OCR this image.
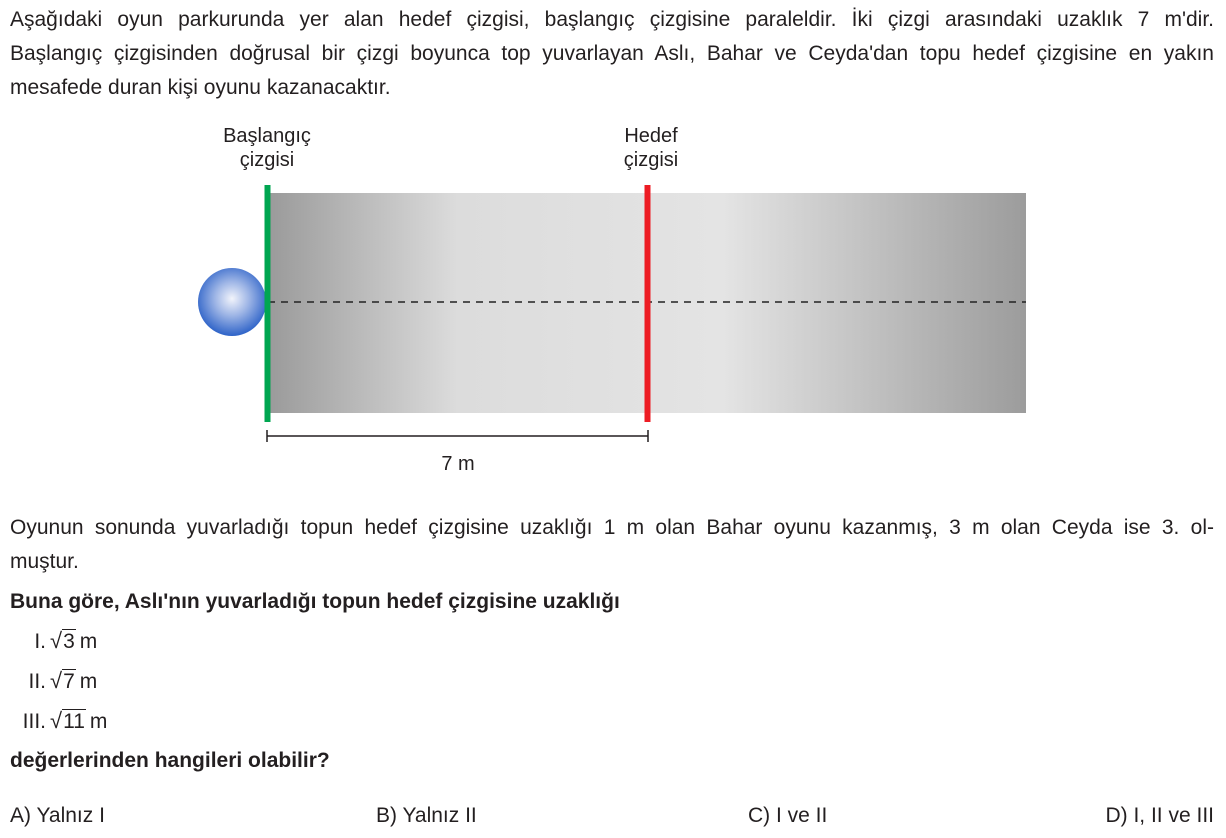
Aşağıdaki oyun parkurunda yer alan hedef çizgisi, başlangıç çizgisine paraleldir. İki çizgi arasındaki uzaklık 7 m'dir.
Başlangıç çizgisinden doğrusal bir çizgi boyunca top yuvarlayan Aslı, Bahar ve Ceyda'dan topu hedef çizgisine en yakın
mesafede duran kişi oyunu kazanacaktır.
Başlangıç
çizgisi
Hedef
çizgisi
7 m
Oyunun sonunda yuvarladığı topun hedef çizgisine uzaklığı 1 m olan Bahar oyunu kazanmış, 3 m olan Ceyda ise 3. ol-
muştur.
Buna göre, Aslı'nın yuvarladığı topun hedef çizgisine uzaklığı
I. √3 m
II. √7 m
III. √11 m
değerlerinden hangileri olabilir?
A) Yalnız I	B) Yalnız II	C) I ve II	D) I, II ve III
